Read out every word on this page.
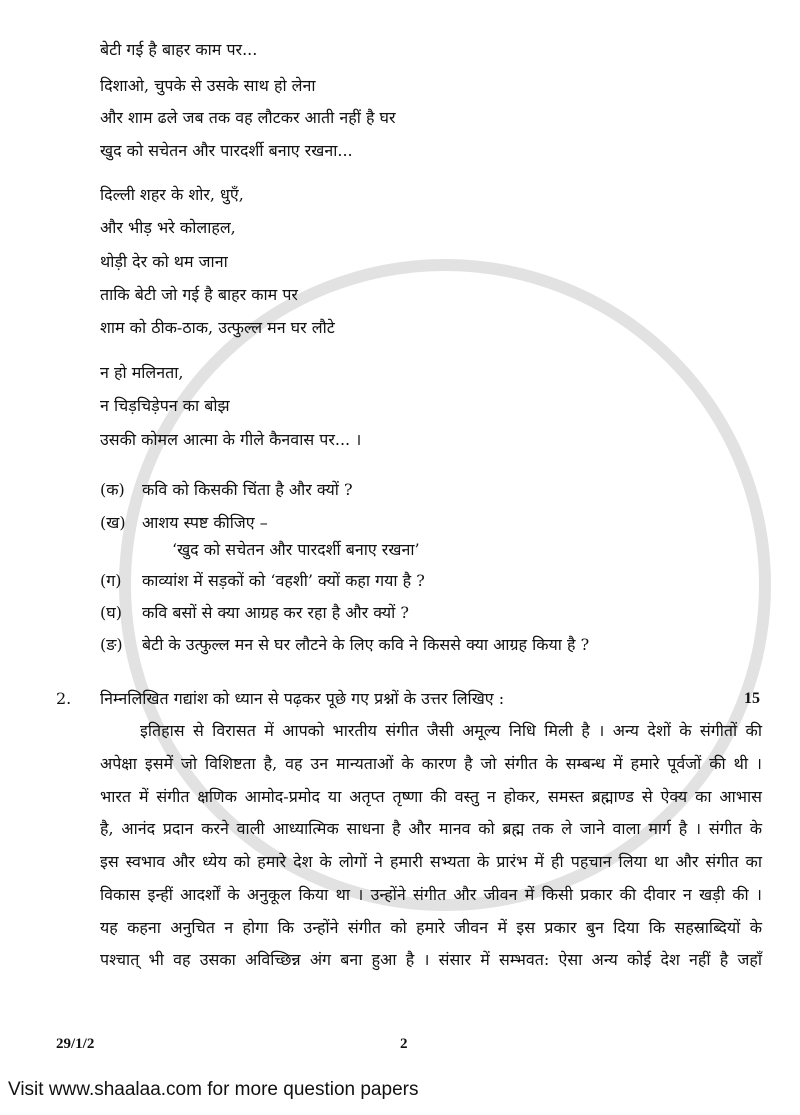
बेटी गई है बाहर काम पर...
दिशाओ, चुपके से उसके साथ हो लेना
और शाम ढले जब तक वह लौटकर आती नहीं है घर
खुद को सचेतन और पारदर्शी बनाए रखना...
दिल्ली शहर के शोर, धुएँ,
और भीड़ भरे कोलाहल,
थोड़ी देर को थम जाना
ताकि बेटी जो गई है बाहर काम पर
शाम को ठीक-ठाक, उत्फुल्ल मन घर लौटे
न हो मलिनता,
न चिड़चिड़ेपन का बोझ
उसकी कोमल आत्मा के गीले कैनवास पर... ।
(क) कवि को किसकी चिंता है और क्यों ?
(ख) आशय स्पष्ट कीजिए –
‘खुद को सचेतन और पारदर्शी बनाए रखना’
(ग) काव्यांश में सड़कों को ‘वहशी’ क्यों कहा गया है ?
(घ) कवि बसों से क्या आग्रह कर रहा है और क्यों ?
(ङ) बेटी के उत्फुल्ल मन से घर लौटने के लिए कवि ने किससे क्या आग्रह किया है ?
2. निम्नलिखित गद्यांश को ध्यान से पढ़कर पूछे गए प्रश्नों के उत्तर लिखिए :	15
इतिहास से विरासत में आपको भारतीय संगीत जैसी अमूल्य निधि मिली है । अन्य देशों के संगीतों की
अपेक्षा इसमें जो विशिष्टता है, वह उन मान्यताओं के कारण है जो संगीत के सम्बन्ध में हमारे पूर्वजों की थी ।
भारत में संगीत क्षणिक आमोद-प्रमोद या अतृप्त तृष्णा की वस्तु न होकर, समस्त ब्रह्माण्ड से ऐक्य का आभास
है, आनंद प्रदान करने वाली आध्यात्मिक साधना है और मानव को ब्रह्म तक ले जाने वाला मार्ग है । संगीत के
इस स्वभाव और ध्येय को हमारे देश के लोगों ने हमारी सभ्यता के प्रारंभ में ही पहचान लिया था और संगीत का
विकास इन्हीं आदर्शों के अनुकूल किया था । उन्होंने संगीत और जीवन में किसी प्रकार की दीवार न खड़ी की ।
यह कहना अनुचित न होगा कि उन्होंने संगीत को हमारे जीवन में इस प्रकार बुन दिया कि सहस्राब्दियों के
पश्चात् भी वह उसका अविच्छिन्न अंग बना हुआ है । संसार में सम्भवत: ऐसा अन्य कोई देश नहीं है जहाँ
29/1/2	2
Visit www.shaalaa.com for more question papers
